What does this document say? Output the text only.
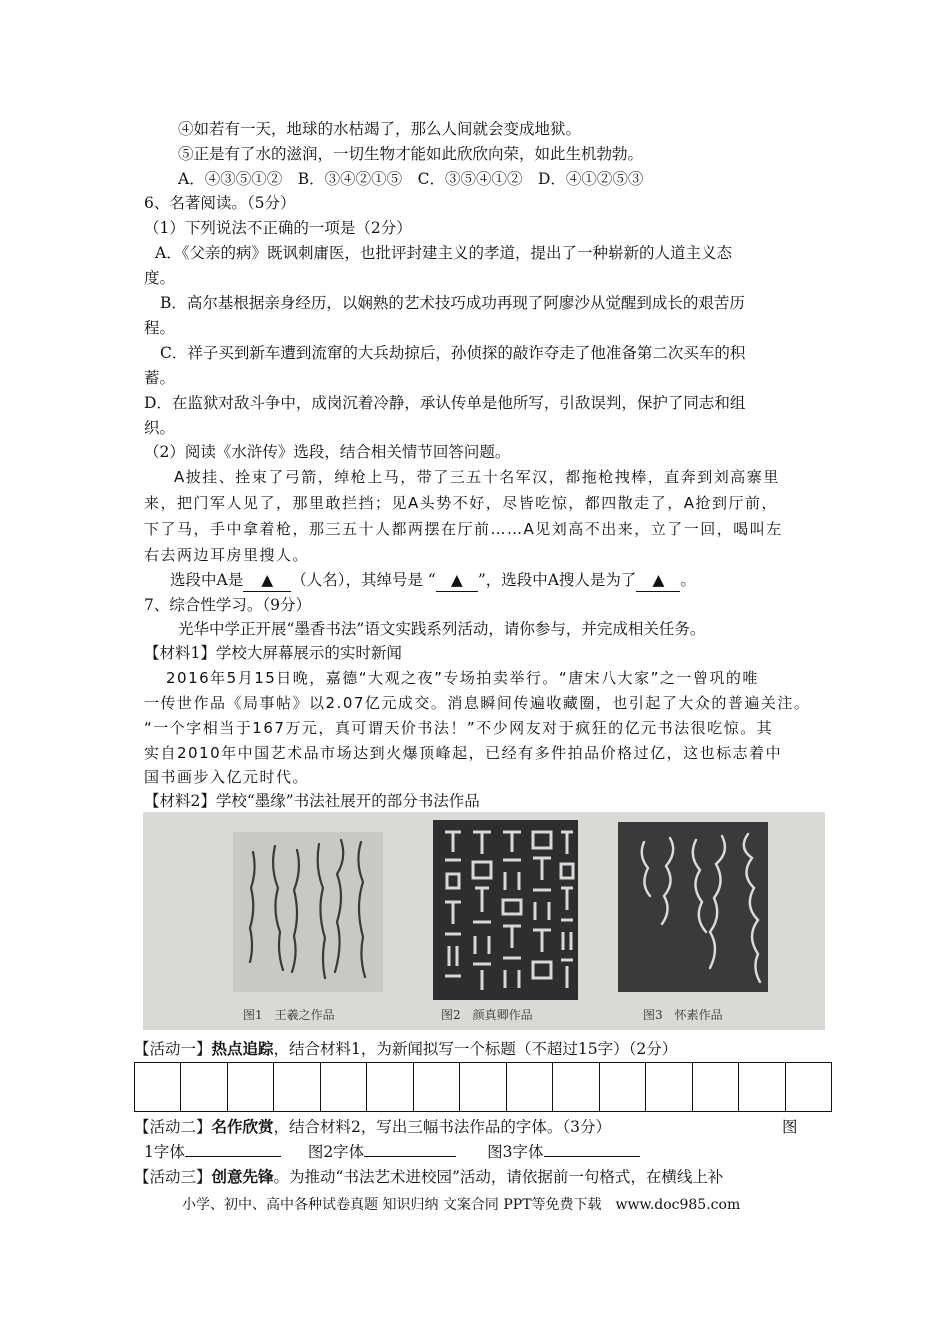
④如若有一天，地球的水枯竭了，那么人间就会变成地狱。
⑤正是有了水的滋润，一切生物才能如此欣欣向荣，如此生机勃勃。
A．④③⑤①②　B．③④②①⑤　C．③⑤④①②　D．④①②⑤③
6、名著阅读。（5分）
（1）下列说法不正确的一项是（2分）
A．《父亲的病》既讽刺庸医，也批评封建主义的孝道，提出了一种崭新的人道主义态
度。
B．高尔基根据亲身经历，以娴熟的艺术技巧成功再现了阿廖沙从觉醒到成长的艰苦历
程。
C．祥子买到新车遭到流窜的大兵劫掠后，孙侦探的敲诈夺走了他准备第二次买车的积
蓄。
D．在监狱对敌斗争中，成岗沉着冷静，承认传单是他所写，引敌误判，保护了同志和组
织。
（2）阅读《水浒传》选段，结合相关情节回答问题。
A披挂、拴束了弓箭，绰枪上马，带了三五十名军汉，都拖枪拽棒，直奔到刘高寨里
来，把门军人见了，那里敢拦挡；见A头势不好，尽皆吃惊，都四散走了，A抢到厅前，
下了马，手中拿着枪，那三五十人都两摆在厅前……A见刘高不出来，立了一回，喝叫左
右去两边耳房里搜人。
选段中A是 ▲ （人名），其绰号是 “ ▲ ”，选段中A搜人是为了 ▲ 。
7、综合性学习。（9分）
光华中学正开展“墨香书法”语文实践系列活动，请你参与，并完成相关任务。
【材料1】学校大屏幕展示的实时新闻
2016年5月15日晚，嘉德“大观之夜”专场拍卖举行。“唐宋八大家”之一曾巩的唯
一传世作品《局事帖》以2.07亿元成交。消息瞬间传遍收藏圈，也引起了大众的普遍关注。
“一个字相当于167万元，真可谓天价书法！”不少网友对于疯狂的亿元书法很吃惊。其
实自2010年中国艺术品市场达到火爆顶峰起，已经有多件拍品价格过亿，这也标志着中
国书画步入亿元时代。
【材料2】学校“墨缘”书法社展开的部分书法作品
图1　王羲之作品	图2　颜真卿作品	图3　怀素作品
【活动一】热点追踪，结合材料1，为新闻拟写一个标题（不超过15字）（2分）
【活动二】名作欣赏，结合材料2，写出三幅书法作品的字体。（3分）	图
1字体	图2字体	图3字体
【活动三】创意先锋。为推动“书法艺术进校园”活动，请依据前一句格式，在横线上补
小学、初中、高中各种试卷真题 知识归纳 文案合同 PPT等免费下载　www.doc985.com
